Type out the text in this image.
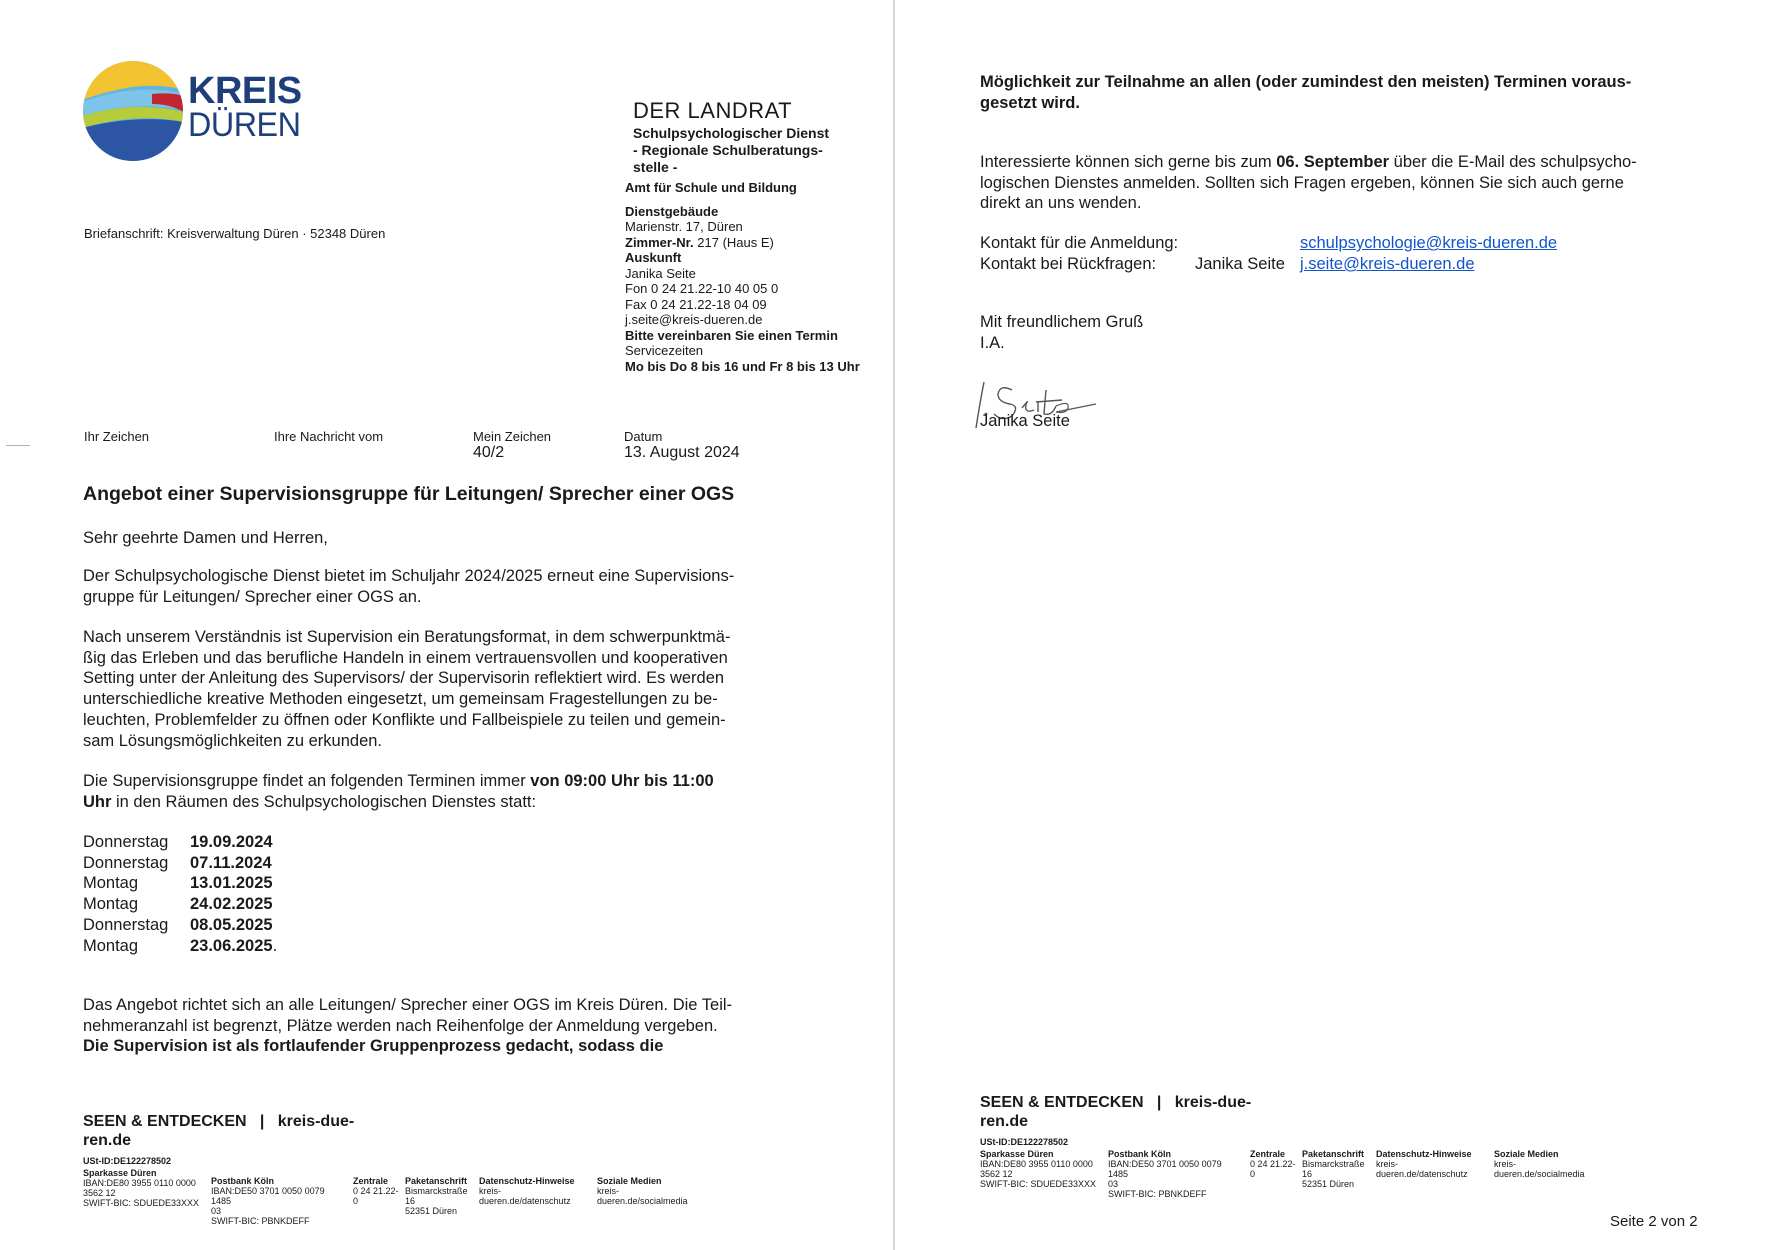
KREIS
DÜREN
Briefanschrift: Kreisverwaltung Düren · 52348 Düren
DER LANDRAT
Schulpsychologischer Dienst
- Regionale Schulberatungs-
stelle -
Amt für Schule und Bildung
Dienstgebäude
Marienstr. 17, Düren
Zimmer-Nr. 217 (Haus E)
Auskunft
Janika Seite
Fon 0 24 21.22-10 40 05 0
Fax 0 24 21.22-18 04 09
j.seite@kreis-dueren.de
Bitte vereinbaren Sie einen Termin
Servicezeiten
Mo bis Do 8 bis 16 und Fr 8 bis 13 Uhr
Ihr Zeichen	Ihre Nachricht vom	Mein Zeichen
40/2
Datum
13. August 2024
Angebot einer Supervisionsgruppe für Leitungen/ Sprecher einer OGS
Sehr geehrte Damen und Herren,
Der Schulpsychologische Dienst bietet im Schuljahr 2024/2025 erneut eine Supervisions-
gruppe für Leitungen/ Sprecher einer OGS an.
Nach unserem Verständnis ist Supervision ein Beratungsformat, in dem schwerpunktmä-
ßig das Erleben und das berufliche Handeln in einem vertrauensvollen und kooperativen
Setting unter der Anleitung des Supervisors/ der Supervisorin reflektiert wird. Es werden
unterschiedliche kreative Methoden eingesetzt, um gemeinsam Fragestellungen zu be-
leuchten, Problemfelder zu öffnen oder Konflikte und Fallbeispiele zu teilen und gemein-
sam Lösungsmöglichkeiten zu erkunden.
Die Supervisionsgruppe findet an folgenden Terminen immer von 09:00 Uhr bis 11:00
Uhr in den Räumen des Schulpsychologischen Dienstes statt:
Donnerstag	19.09.2024
Donnerstag	07.11.2024
Montag	13.01.2025
Montag	24.02.2025
Donnerstag	08.05.2025
Montag	23.06.2025 .
Das Angebot richtet sich an alle Leitungen/ Sprecher einer OGS im Kreis Düren. Die Teil-
nehmeranzahl ist begrenzt, Plätze werden nach Reihenfolge der Anmeldung vergeben.
Die Supervision ist als fortlaufender Gruppenprozess gedacht, sodass die
SEEN & ENTDECKEN   |   kreis-due-
ren.de
USt-ID:DE122278502
Sparkasse Düren
IBAN:DE80 3955 0110 0000
3562 12
SWIFT-BIC: SDUEDE33XXX
Postbank Köln
IBAN:DE50 3701 0050 0079 1485
03
SWIFT-BIC: PBNKDEFF
Zentrale
0 24 21.22-0
Paketanschrift
Bismarckstraße
16
52351 Düren
Datenschutz-Hinweise
kreis-dueren.de/datenschutz
Soziale Medien
kreis-
dueren.de/socialmedia
Möglichkeit zur Teilnahme an allen (oder zumindest den meisten) Terminen voraus-
gesetzt wird.
Interessierte können sich gerne bis zum 06. September über die E-Mail des schulpsycho-
logischen Dienstes anmelden. Sollten sich Fragen ergeben, können Sie sich auch gerne
direkt an uns wenden.
Kontakt für die Anmeldung:	schulpsychologie@kreis-dueren.de
Kontakt bei Rückfragen: Janika Seite j.seite@kreis-dueren.de
Mit freundlichem Gruß
I.A.
Janika Seite
SEEN & ENTDECKEN   |   kreis-due-
ren.de
USt-ID:DE122278502
Sparkasse Düren
IBAN:DE80 3955 0110 0000
3562 12
SWIFT-BIC: SDUEDE33XXX
Postbank Köln
IBAN:DE50 3701 0050 0079 1485
03
SWIFT-BIC: PBNKDEFF
Zentrale
0 24 21.22-0
Paketanschrift
Bismarckstraße
16
52351 Düren
Datenschutz-Hinweise
kreis-dueren.de/datenschutz
Soziale Medien
kreis-
dueren.de/socialmedia
Seite 2 von 2
